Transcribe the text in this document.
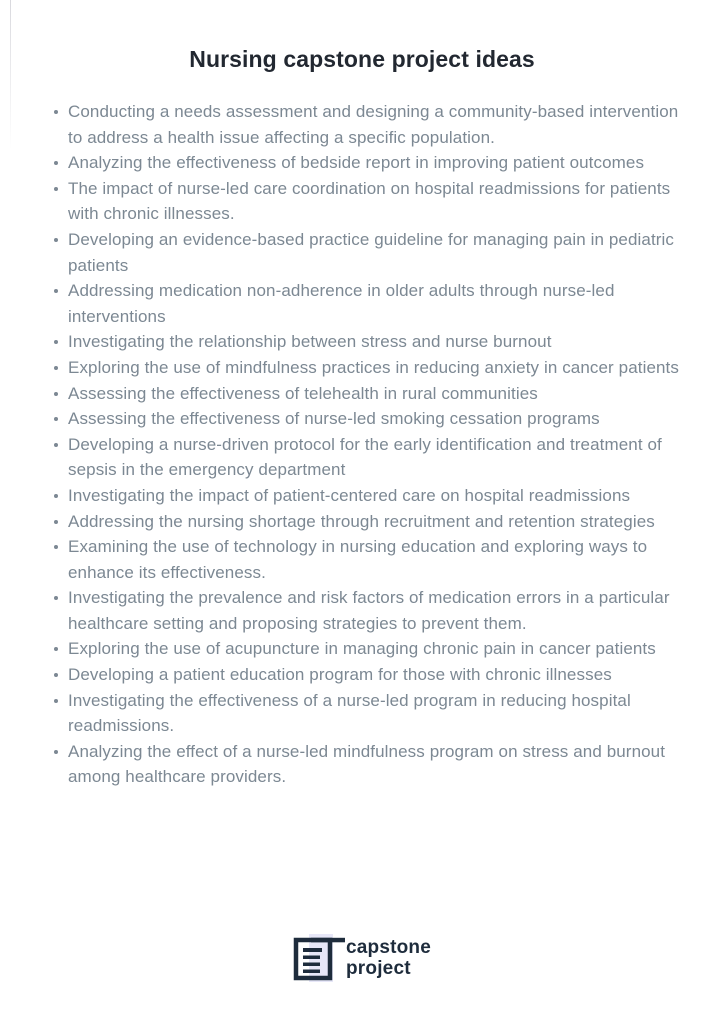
Nursing capstone project ideas
Conducting a needs assessment and designing a community-based intervention to address a health issue affecting a specific population.
Analyzing the effectiveness of bedside report in improving patient outcomes
The impact of nurse-led care coordination on hospital readmissions for patients with chronic illnesses.
Developing an evidence-based practice guideline for managing pain in pediatric patients
Addressing medication non-adherence in older adults through nurse-led interventions
Investigating the relationship between stress and nurse burnout
Exploring the use of mindfulness practices in reducing anxiety in cancer patients
Assessing the effectiveness of telehealth in rural communities
Assessing the effectiveness of nurse-led smoking cessation programs
Developing a nurse-driven protocol for the early identification and treatment of sepsis in the emergency department
Investigating the impact of patient-centered care on hospital readmissions
Addressing the nursing shortage through recruitment and retention strategies
Examining the use of technology in nursing education and exploring ways to enhance its effectiveness.
Investigating the prevalence and risk factors of medication errors in a particular healthcare setting and proposing strategies to prevent them.
Exploring the use of acupuncture in managing chronic pain in cancer patients
Developing a patient education program for those with chronic illnesses
Investigating the effectiveness of a nurse-led program in reducing hospital readmissions.
Analyzing the effect of a nurse-led mindfulness program on stress and burnout among healthcare providers.
capstone
project
